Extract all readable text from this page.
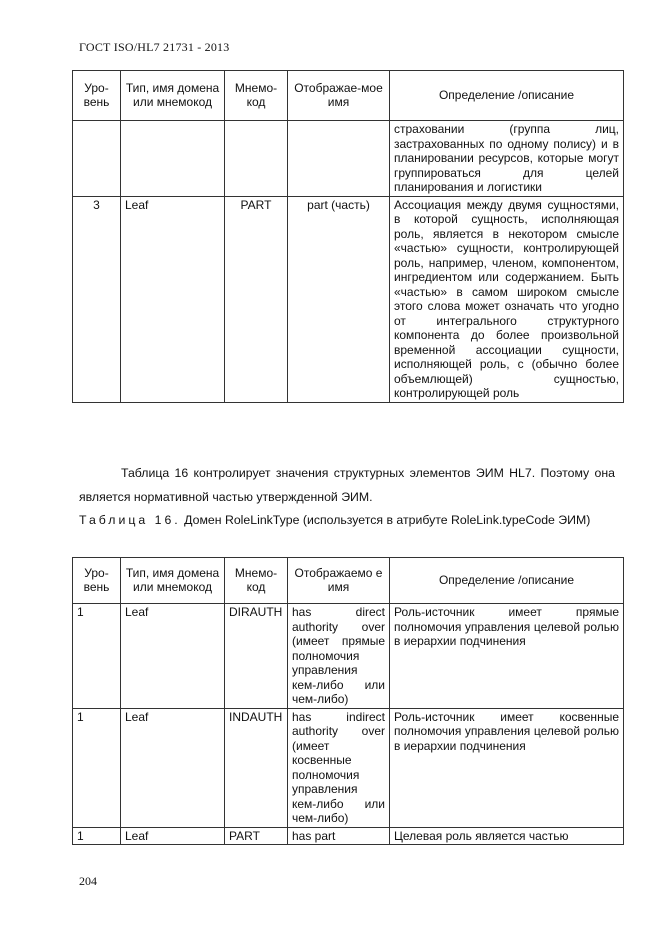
ГОСТ ISO/HL7 21731 - 2013
Уро-вень	Тип, имя домена или мнемокод	Мнемо-код	Отображае-мое имя	Определение /описание
				страховании (группа лиц, застрахованных по одному полису) и в планировании ресурсов, которые могут группироваться для целей планирования и логистики
3	Leaf	PART	part (часть)	Ассоциация между двумя сущностями, в которой сущность, исполняющая роль, является в некотором смысле «частью» сущности, контролирующей роль, например, членом, компонентом, ингредиентом или содержанием. Быть «частью» в самом широком смысле этого слова может означать что угодно от интегрального структурного компонента до более произвольной временной ассоциации сущности, исполняющей роль, с (обычно более объемлющей) сущностью, контролирующей роль
Таблица 16 контролирует значения структурных элементов ЭИМ HL7. Поэтому она является нормативной частью утвержденной ЭИМ.
Таблица 16. Домен RoleLinkType (используется в атрибуте RoleLink.typeCode ЭИМ)
Уро-вень	Тип, имя домена или мнемокод	Мнемо-код	Отображаемо е имя	Определение /описание
1	Leaf	DIRAUTH	has direct authority over (имеет прямые полномочия управления кем-либо или чем-либо)	Роль-источник имеет прямые полномочия управления целевой ролью в иерархии подчинения
1	Leaf	INDAUTH	has indirect authority over (имеет косвенные полномочия управления кем-либо или чем-либо)	Роль-источник имеет косвенные полномочия управления целевой ролью в иерархии подчинения
1	Leaf	PART	has part	Целевая роль является частью
204
